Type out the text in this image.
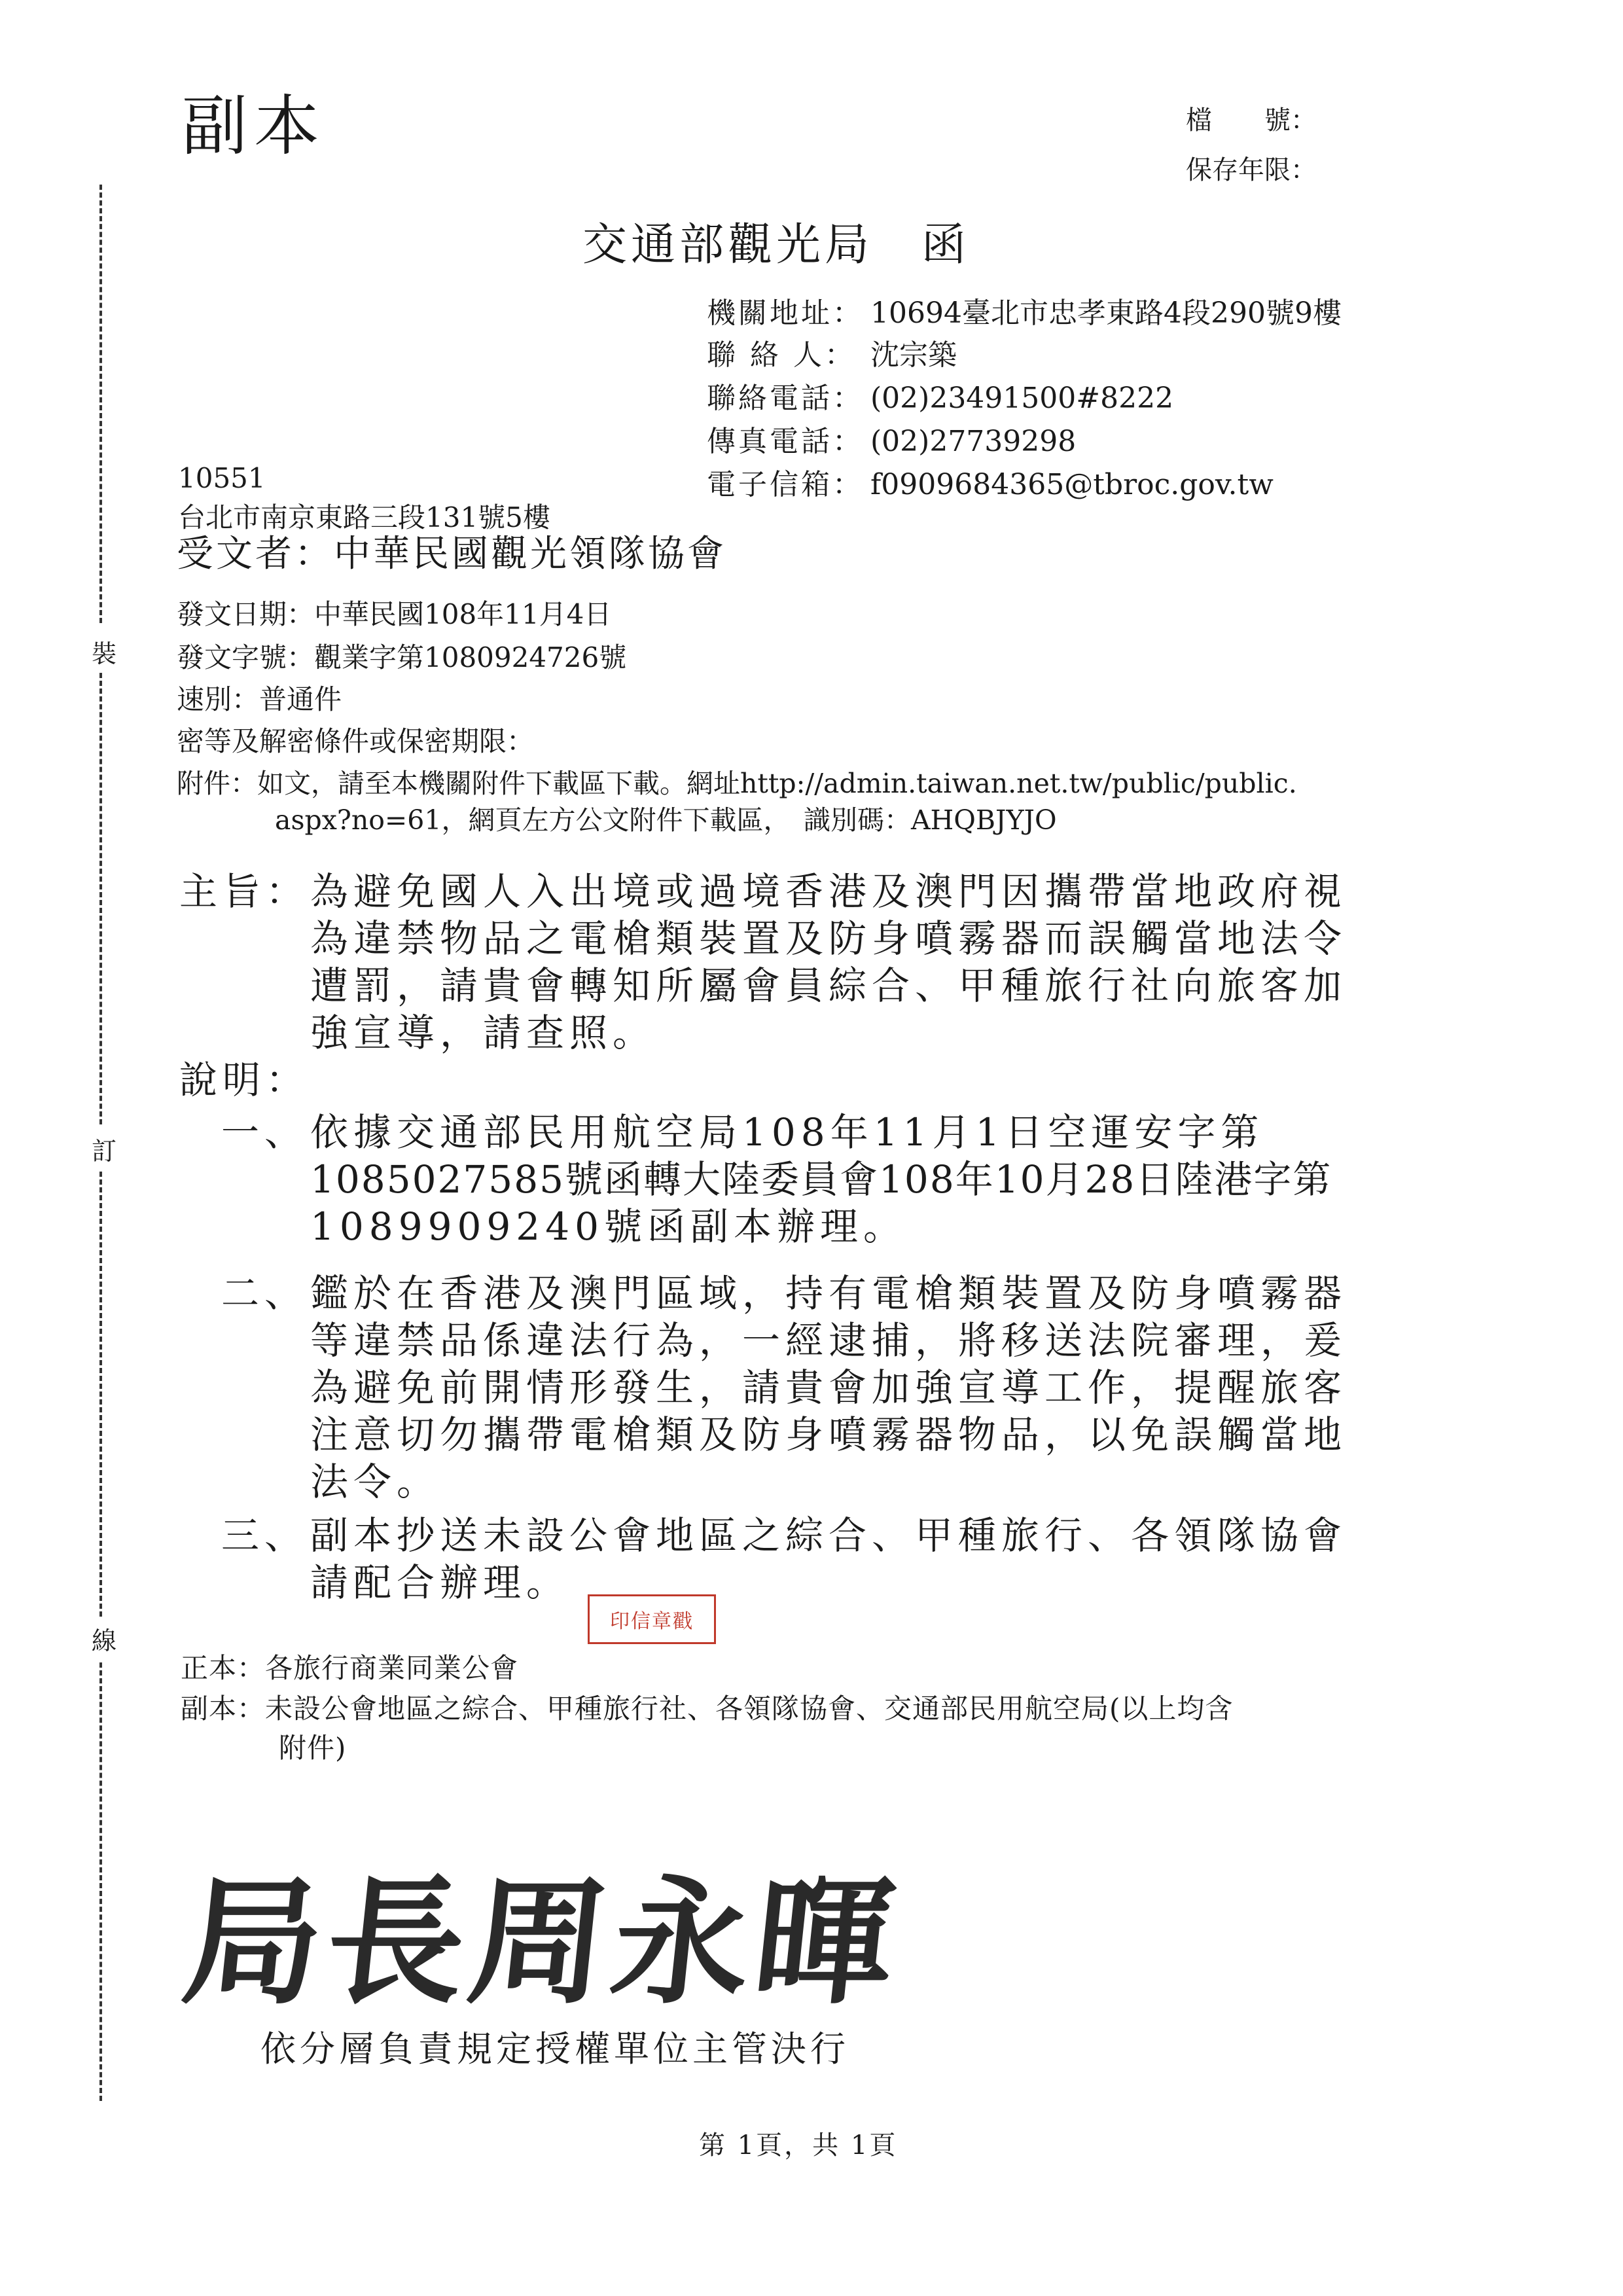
副本	檔　　號：
保存年限：
裝
訂
線
交通部觀光局　函
機關地址： 10694臺北市忠孝東路4段290號9樓
聯 絡 人： 沈宗築
聯絡電話： (02)23491500#8222
傳真電話： (02)27739298
電子信箱： f0909684365@tbroc.gov.tw
10551
台北市南京東路三段131號5樓
受文者：中華民國觀光領隊協會
發文日期：中華民國108年11月4日
發文字號：觀業字第1080924726號
速別：普通件
密等及解密條件或保密期限：
附件：如文，請至本機關附件下載區下載。網址http://admin.taiwan.net.tw/public/public.
aspx?no=61，網頁左方公文附件下載區，　識別碼：AHQBJYJO
主旨： 為避免國人入出境或過境香港及澳門因攜帶當地政府視
為違禁物品之電槍類裝置及防身噴霧器而誤觸當地法令
遭罰，請貴會轉知所屬會員綜合、甲種旅行社向旅客加
強宣導，請查照。
說明：
一、 依據交通部民用航空局108年11月1日空運安字第
1085027585號函轉大陸委員會108年10月28日陸港字第
1089909240號函副本辦理。
二、 鑑於在香港及澳門區域，持有電槍類裝置及防身噴霧器
等違禁品係違法行為，一經逮捕，將移送法院審理，爰
為避免前開情形發生，請貴會加強宣導工作，提醒旅客
注意切勿攜帶電槍類及防身噴霧器物品，以免誤觸當地
法令。
三、 副本抄送未設公會地區之綜合、甲種旅行、各領隊協會
請配合辦理。
印信章戳
正本：各旅行商業同業公會
副本：未設公會地區之綜合、甲種旅行社、各領隊協會、交通部民用航空局(以上均含
附件)
局長周永暉
依分層負責規定授權單位主管決行
第 1頁，共 1頁
